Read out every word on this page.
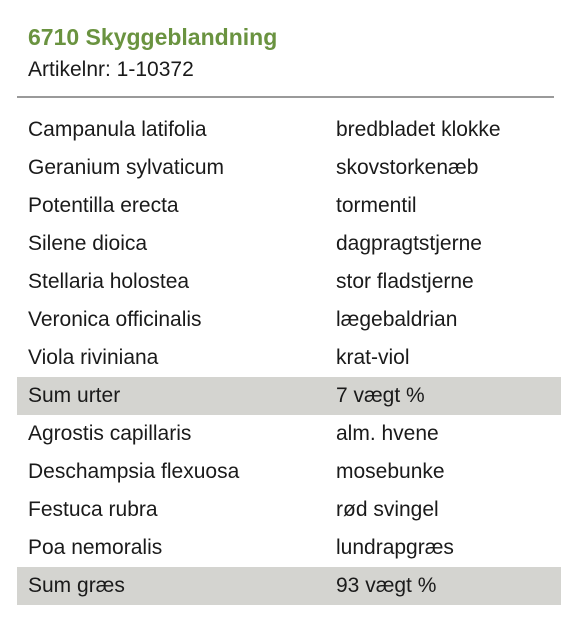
6710 Skyggeblandning
Artikelnr: 1-10372
Campanula latifolia	bredbladet klokke
Geranium sylvaticum	skovstorkenæb
Potentilla erecta	tormentil
Silene dioica	dagpragtstjerne
Stellaria holostea	stor fladstjerne
Veronica officinalis	lægebaldrian
Viola riviniana	krat-viol
Sum urter	7 vægt %
Agrostis capillaris	alm. hvene
Deschampsia flexuosa	mosebunke
Festuca rubra	rød svingel
Poa nemoralis	lundrapgræs
Sum græs	93 vægt %
